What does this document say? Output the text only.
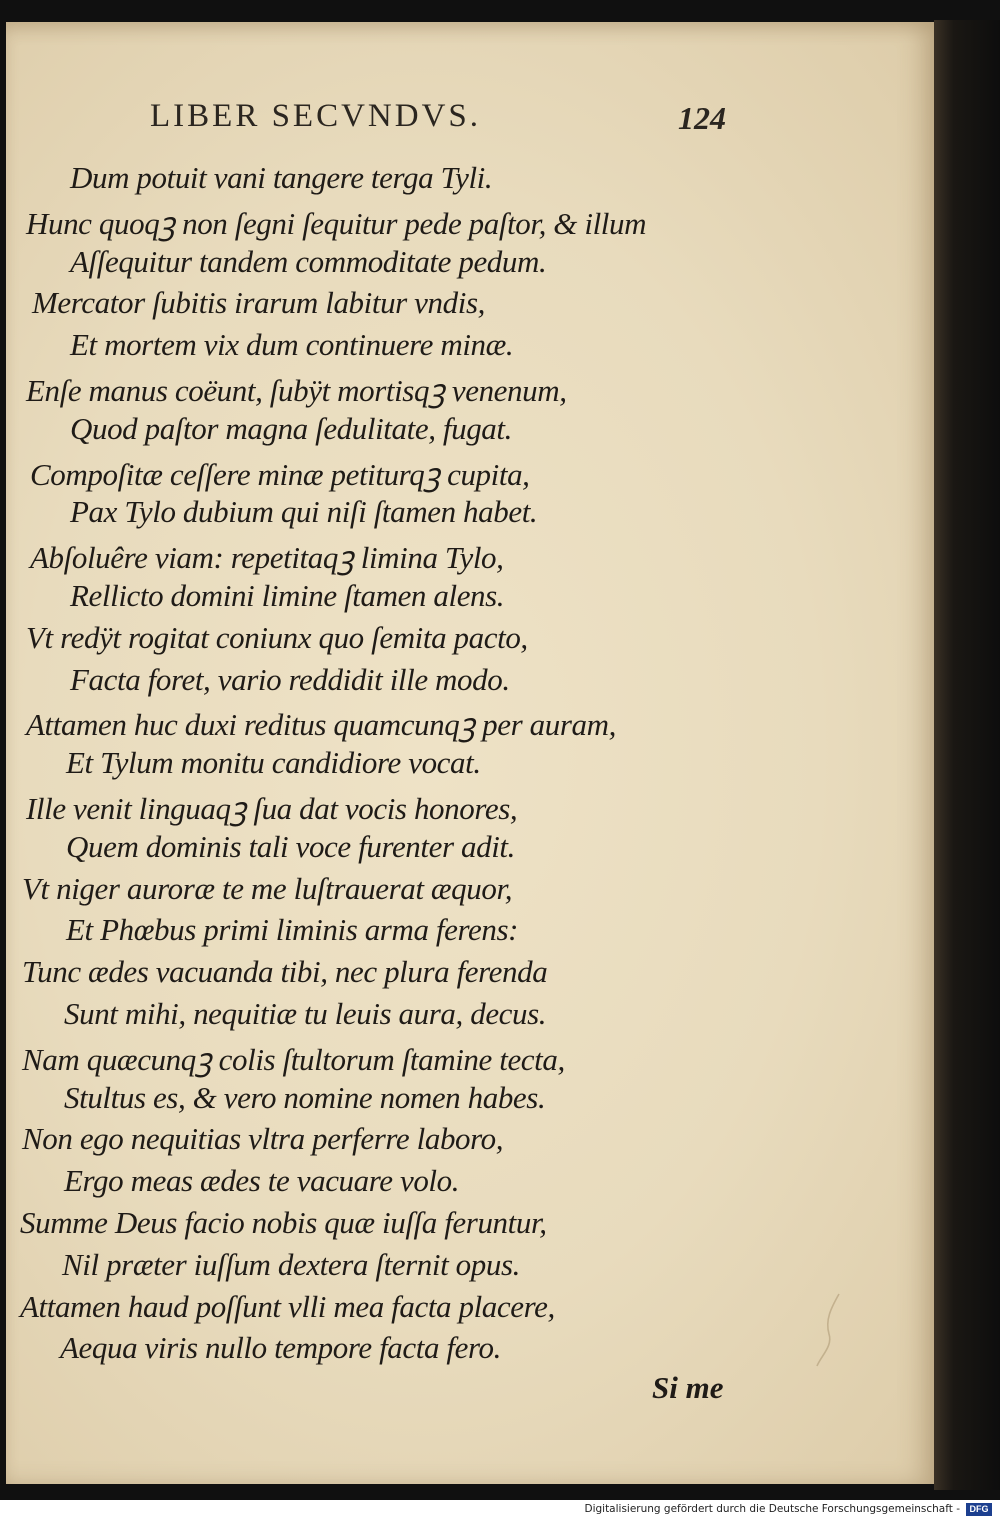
LIBER SECVNDVS.	124
Dum potuit vani tangere terga Tyli.
Hunc quoqꝫ non ſegni ſequitur pede paſtor, & illum
Aſſequitur tandem commoditate pedum.
Mercator ſubitis irarum labitur vndis,
Et mortem vix dum continuere minæ.
Enſe manus coëunt, ſubÿt mortisqꝫ venenum,
Quod paſtor magna ſedulitate, fugat.
Compoſitæ ceſſere minæ petiturqꝫ cupita,
Pax Tylo dubium qui niſi ſtamen habet.
Abſoluêre viam: repetitaqꝫ limina Tylo,
Rellicto domini limine ſtamen alens.
Vt redÿt rogitat coniunx quo ſemita pacto,
Facta foret, vario reddidit ille modo.
Attamen huc duxi reditus quamcunqꝫ per auram,
Et Tylum monitu candidiore vocat.
Ille venit linguaqꝫ ſua dat vocis honores,
Quem dominis tali voce furenter adit.
Vt niger auroræ te me luſtrauerat æquor,
Et Phœbus primi liminis arma ferens:
Tunc ædes vacuanda tibi, nec plura ferenda
Sunt mihi, nequitiæ tu leuis aura, decus.
Nam quæcunqꝫ colis ſtultorum ſtamine tecta,
Stultus es, & vero nomine nomen habes.
Non ego nequitias vltra perferre laboro,
Ergo meas ædes te vacuare volo.
Summe Deus facio nobis quæ iuſſa feruntur,
Nil præter iuſſum dextera ſternit opus.
Attamen haud poſſunt vlli mea facta placere,
Aequa viris nullo tempore facta fero.
Si me
Digitalisierung gefördert durch die Deutsche Forschungsgemeinschaft -	DFG
